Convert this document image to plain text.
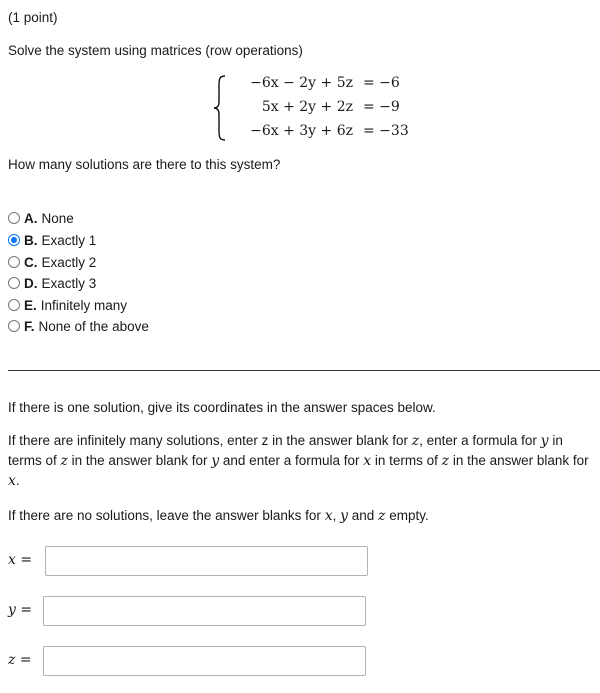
(1 point)
Solve the system using matrices (row operations)
−6x − 2y + 5z = −6
5x + 2y + 2z = −9
−6x + 3y + 6z = −33
How many solutions are there to this system?
A. None
B. Exactly 1
C. Exactly 2
D. Exactly 3
E. Infinitely many
F. None of the above
If there is one solution, give its coordinates in the answer spaces below.
If there are infinitely many solutions, enter z in the answer blank for z, enter a formula for y in terms of z in the answer blank for y and enter a formula for x in terms of z in the answer blank for x.
If there are no solutions, leave the answer blanks for x, y and z empty.
x =
y =
z =
